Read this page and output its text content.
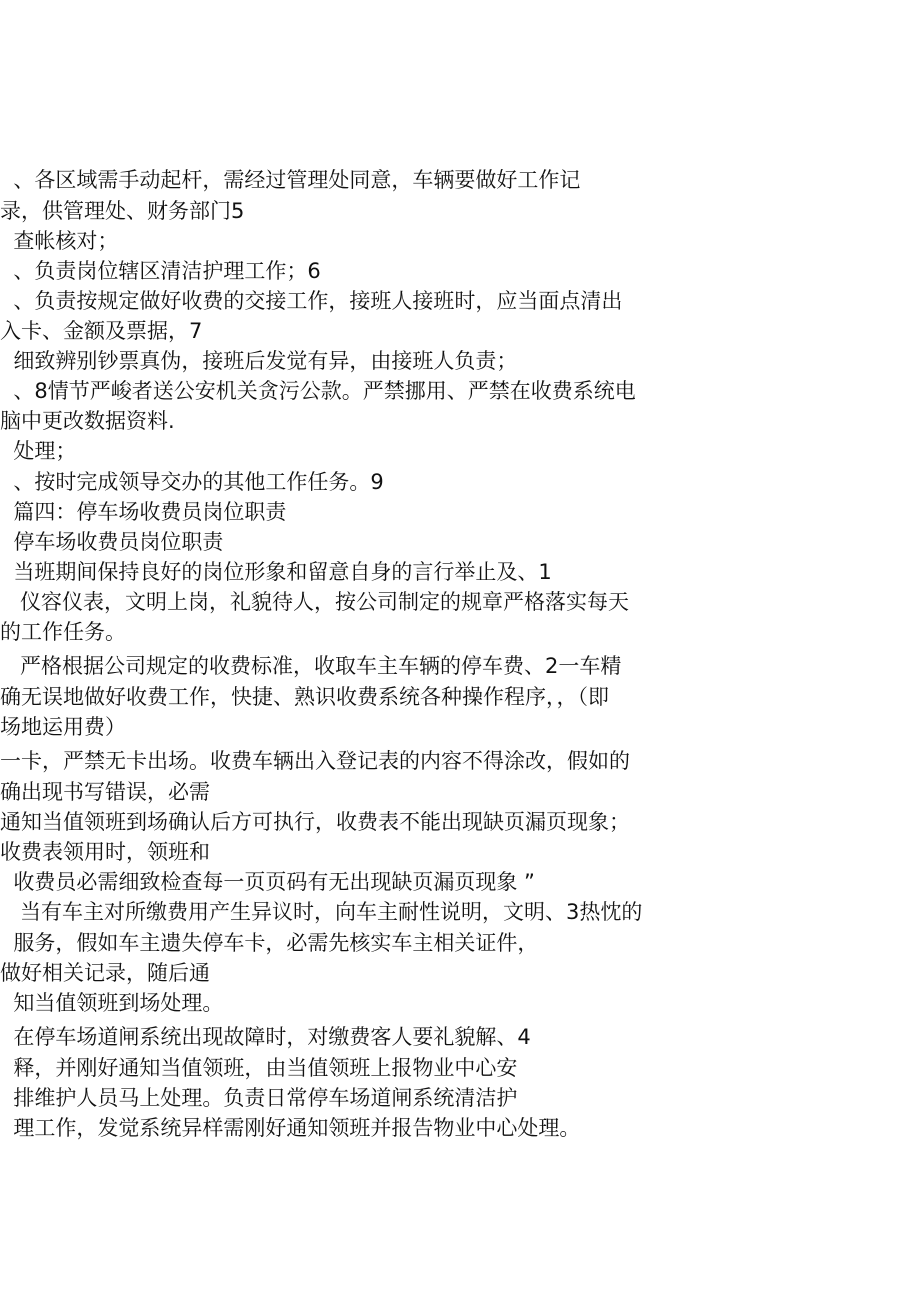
、各区域需手动起杆，需经过管理处同意，车辆要做好工作记

录，供管理处、财务部门5

查帐核对；

、负责岗位辖区清洁护理工作；6

、负责按规定做好收费的交接工作，接班人接班时，应当面点清出

入卡、金额及票据，7

细致辨别钞票真伪，接班后发觉有异，由接班人负责；

、8情节严峻者送公安机关贪污公款。严禁挪用、严禁在收费系统电

脑中更改数据资料.

处理；

、按时完成领导交办的其他工作任务。9

篇四：停车场收费员岗位职责

停车场收费员岗位职责

当班期间保持良好的岗位形象和留意自身的言行举止及、1

仪容仪表，文明上岗，礼貌待人，按公司制定的规章严格落实每天

的工作任务。

严格根据公司规定的收费标准，收取车主车辆的停车费、2一车精

确无误地做好收费工作，快捷、熟识收费系统各种操作程序，，（即

场地运用费）

一卡，严禁无卡出场。收费车辆出入登记表的内容不得涂改，假如的

确出现书写错误，必需

通知当值领班到场确认后方可执行，收费表不能出现缺页漏页现象；

收费表领用时，领班和

收费员必需细致检查每一页页码有无出现缺页漏页现象 ”

当有车主对所缴费用产生异议时，向车主耐性说明，文明、3热忱的

服务，假如车主遗失停车卡，必需先核实车主相关证件，

做好相关记录，随后通

知当值领班到场处理。

在停车场道闸系统出现故障时，对缴费客人要礼貌解、4

释，并刚好通知当值领班，由当值领班上报物业中心安

排维护人员马上处理。负责日常停车场道闸系统清洁护

理工作，发觉系统异样需刚好通知领班并报告物业中心处理。
